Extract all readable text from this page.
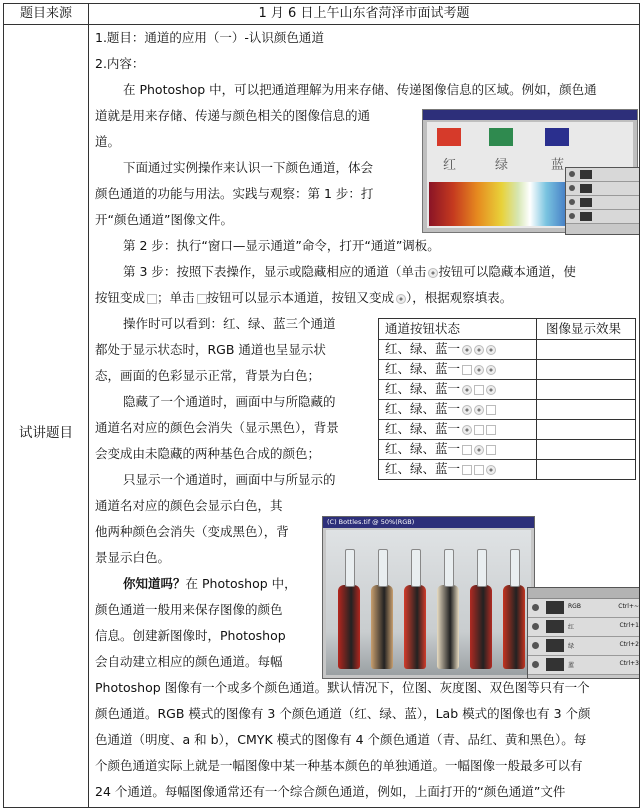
题目来源	1 月 6 日上午山东省菏泽市面试考题
试讲题目
1.题目：通道的应用（一）-认识颜色通道
2.内容：
在 Photoshop 中，可以把通道理解为用来存储、传递图像信息的区域。例如，颜色通
道就是用来存储、传递与颜色相关的图像信息的通
道。
下面通过实例操作来认识一下颜色通道，体会
颜色通道的功能与用法。实践与观察：第 1 步：打
开“颜色通道”图像文件。
第 2 步：执行“窗口—显示通道”命令，打开“通道”调板。
第 3 步：按照下表操作，显示或隐藏相应的通道（单击 按钮可以隐藏本通道，使
按钮变成 ；单击 按钮可以显示本通道，按钮又变成 ），根据观察填表。
操作时可以看到：红、绿、蓝三个通道
都处于显示状态时，RGB 通道也呈显示状
态，画面的色彩显示正常，背景为白色；
隐藏了一个通道时，画面中与所隐藏的
通道名对应的颜色会消失（显示黑色），背景
会变成由未隐藏的两种基色合成的颜色；
只显示一个通道时，画面中与所显示的
通道名对应的颜色会显示白色，其
他两种颜色会消失（变成黑色），背
景显示白色。
你知道吗？在 Photoshop 中，
颜色通道一般用来保存图像的颜色
信息。创建新图像时，Photoshop
会自动建立相应的颜色通道。每幅
Photoshop 图像有一个或多个颜色通道。默认情况下，位图、灰度图、双色图等只有一个
颜色通道。RGB 模式的图像有 3 个颜色通道（红、绿、蓝），Lab 模式的图像也有 3 个颜
色通道（明度、a 和 b），CMYK 模式的图像有 4 个颜色通道（青、品红、黄和黑色）。每
个颜色通道实际上就是一幅图像中某一种基本颜色的单独通道。一幅图像一般最多可以有
24 个通道。每幅图像通常还有一个综合颜色通道，例如，上面打开的“颜色通道”文件
红	绿	蓝
通道按钮状态	图像显示效果
红、绿、蓝一
红、绿、蓝一
红、绿、蓝一
红、绿、蓝一
红、绿、蓝一
红、绿、蓝一
红、绿、蓝一
(C) Bottles.tif @ 50%(RGB)
RGB	Ctrl+~
红	Ctrl+1
绿	Ctrl+2
蓝	Ctrl+3
